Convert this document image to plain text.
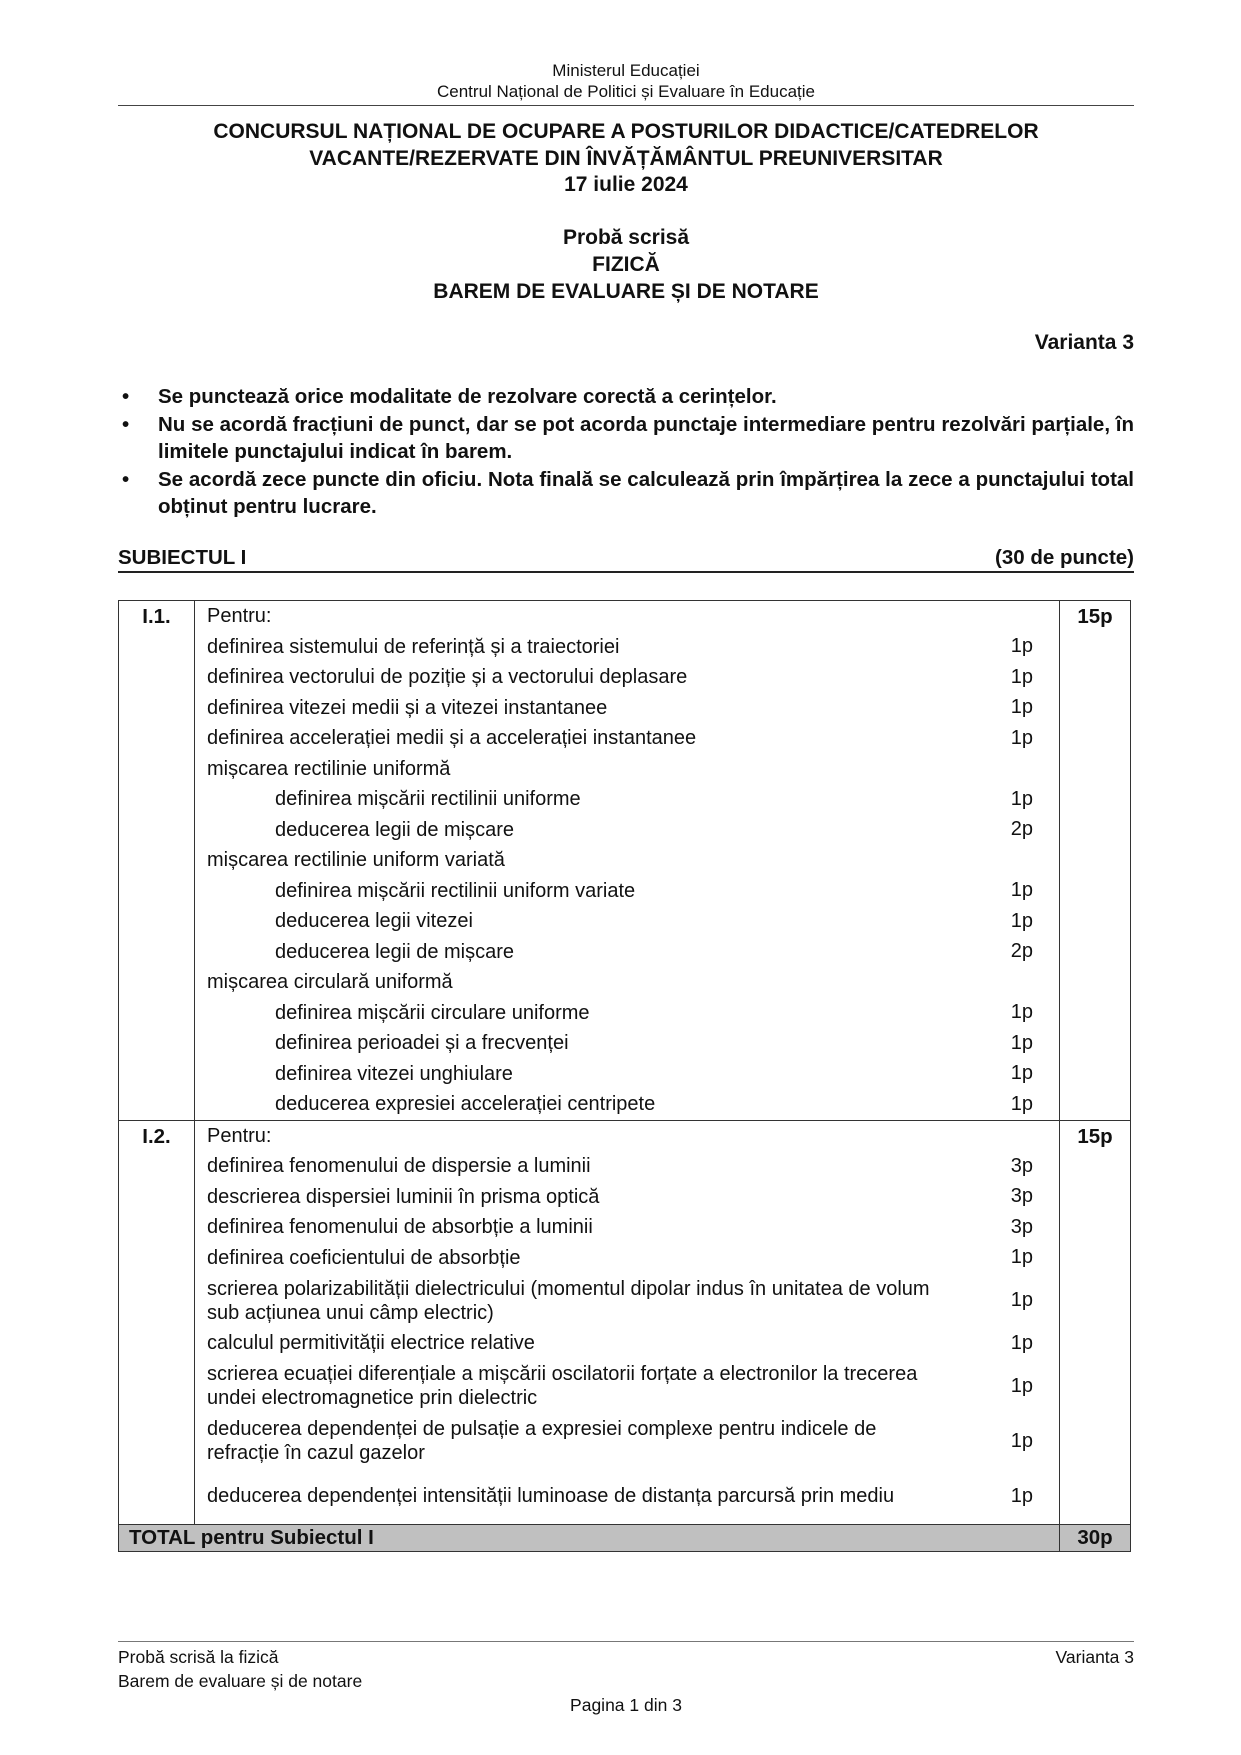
Ministerul Educației
Centrul Național de Politici și Evaluare în Educație
CONCURSUL NAȚIONAL DE OCUPARE A POSTURILOR DIDACTICE/CATEDRELOR
VACANTE/REZERVATE DIN ÎNVĂȚĂMÂNTUL PREUNIVERSITAR
17 iulie 2024
Probă scrisă
FIZICĂ
BAREM DE EVALUARE ȘI DE NOTARE
Varianta 3
• Se punctează orice modalitate de rezolvare corectă a cerințelor.
• Nu se acordă fracțiuni de punct, dar se pot acorda punctaje intermediare pentru rezolvări parțiale, în limitele punctajului indicat în barem.
• Se acordă zece puncte din oficiu. Nota finală se calculează prin împărțirea la zece a punctajului total obținut pentru lucrare.
SUBIECTUL I	(30 de puncte)
I.1.	Pentru:
definirea sistemului de referință și a traiectoriei	1p
definirea vectorului de poziție și a vectorului deplasare	1p
definirea vitezei medii și a vitezei instantanee	1p
definirea accelerației medii și a accelerației instantanee	1p
mișcarea rectilinie uniformă
definirea mișcării rectilinii uniforme	1p
deducerea legii de mișcare	2p
mișcarea rectilinie uniform variată
definirea mișcării rectilinii uniform variate	1p
deducerea legii vitezei	1p
deducerea legii de mișcare	2p
mișcarea circulară uniformă
definirea mișcării circulare uniforme	1p
definirea perioadei și a frecvenței	1p
definirea vitezei unghiulare	1p
deducerea expresiei accelerației centripete	1p
15p
I.2.	Pentru:
definirea fenomenului de dispersie a luminii	3p
descrierea dispersiei luminii în prisma optică	3p
definirea fenomenului de absorbție a luminii	3p
definirea coeficientului de absorbție	1p
scrierea polarizabilității dielectricului (momentul dipolar indus în unitatea de volum sub acțiunea unui câmp electric)
1p
calculul permitivității electrice relative	1p
scrierea ecuației diferențiale a mișcării oscilatorii forțate a electronilor la trecerea undei electromagnetice prin dielectric
1p
deducerea dependenței de pulsație a expresiei complexe pentru indicele de refracție în cazul gazelor
1p
deducerea dependenței intensității luminoase de distanța parcursă prin mediu	1p
15p
TOTAL pentru Subiectul I	30p
Probă scrisă la fizică
Barem de evaluare și de notare
Varianta 3
Pagina 1 din 3
